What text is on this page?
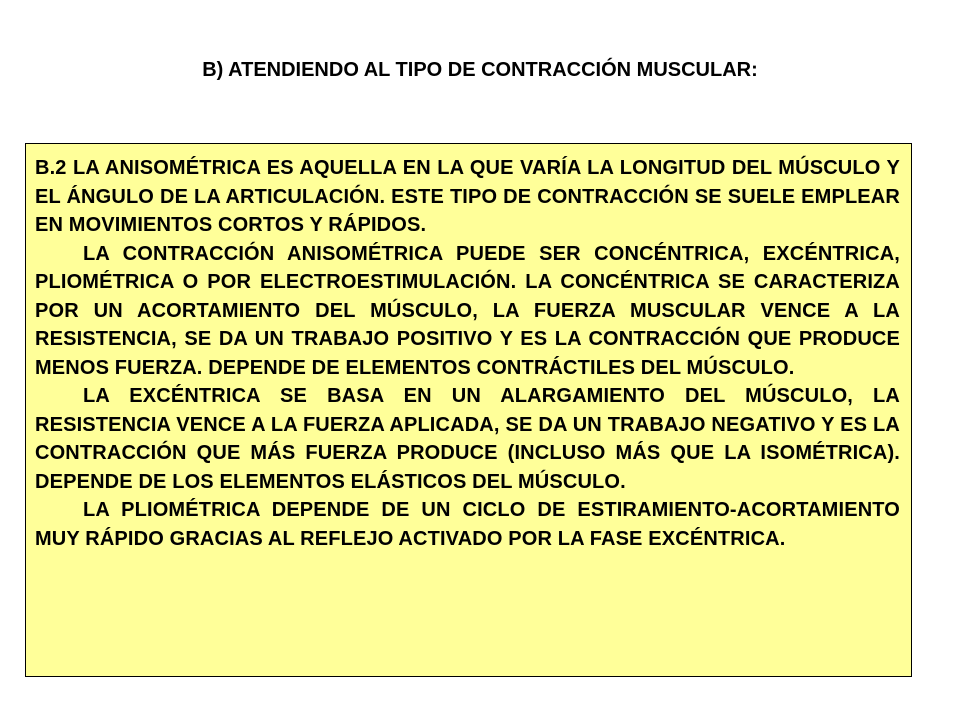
B) ATENDIENDO AL TIPO DE CONTRACCIÓN MUSCULAR:

B.2 LA ANISOMÉTRICA ES AQUELLA EN LA QUE VARÍA LA LONGITUD DEL MÚSCULO Y EL ÁNGULO DE LA ARTICULACIÓN. ESTE TIPO DE CONTRACCIÓN SE SUELE EMPLEAR EN MOVIMIENTOS CORTOS Y RÁPIDOS.

LA CONTRACCIÓN ANISOMÉTRICA PUEDE SER CONCÉNTRICA, EXCÉNTRICA, PLIOMÉTRICA O POR ELECTROESTIMULACIÓN. LA CONCÉNTRICA SE CARACTERIZA POR UN ACORTAMIENTO DEL MÚSCULO, LA FUERZA MUSCULAR VENCE A LA RESISTENCIA, SE DA UN TRABAJO POSITIVO Y ES LA CONTRACCIÓN QUE PRODUCE MENOS FUERZA. DEPENDE DE ELEMENTOS CONTRÁCTILES DEL MÚSCULO.

LA EXCÉNTRICA SE BASA EN UN ALARGAMIENTO DEL MÚSCULO, LA RESISTENCIA VENCE A LA FUERZA APLICADA, SE DA UN TRABAJO NEGATIVO Y ES LA CONTRACCIÓN QUE MÁS FUERZA PRODUCE (INCLUSO MÁS QUE LA ISOMÉTRICA). DEPENDE DE LOS ELEMENTOS ELÁSTICOS DEL MÚSCULO.

LA PLIOMÉTRICA DEPENDE DE UN CICLO DE ESTIRAMIENTO-ACORTAMIENTO MUY RÁPIDO GRACIAS AL REFLEJO ACTIVADO POR LA FASE EXCÉNTRICA.
